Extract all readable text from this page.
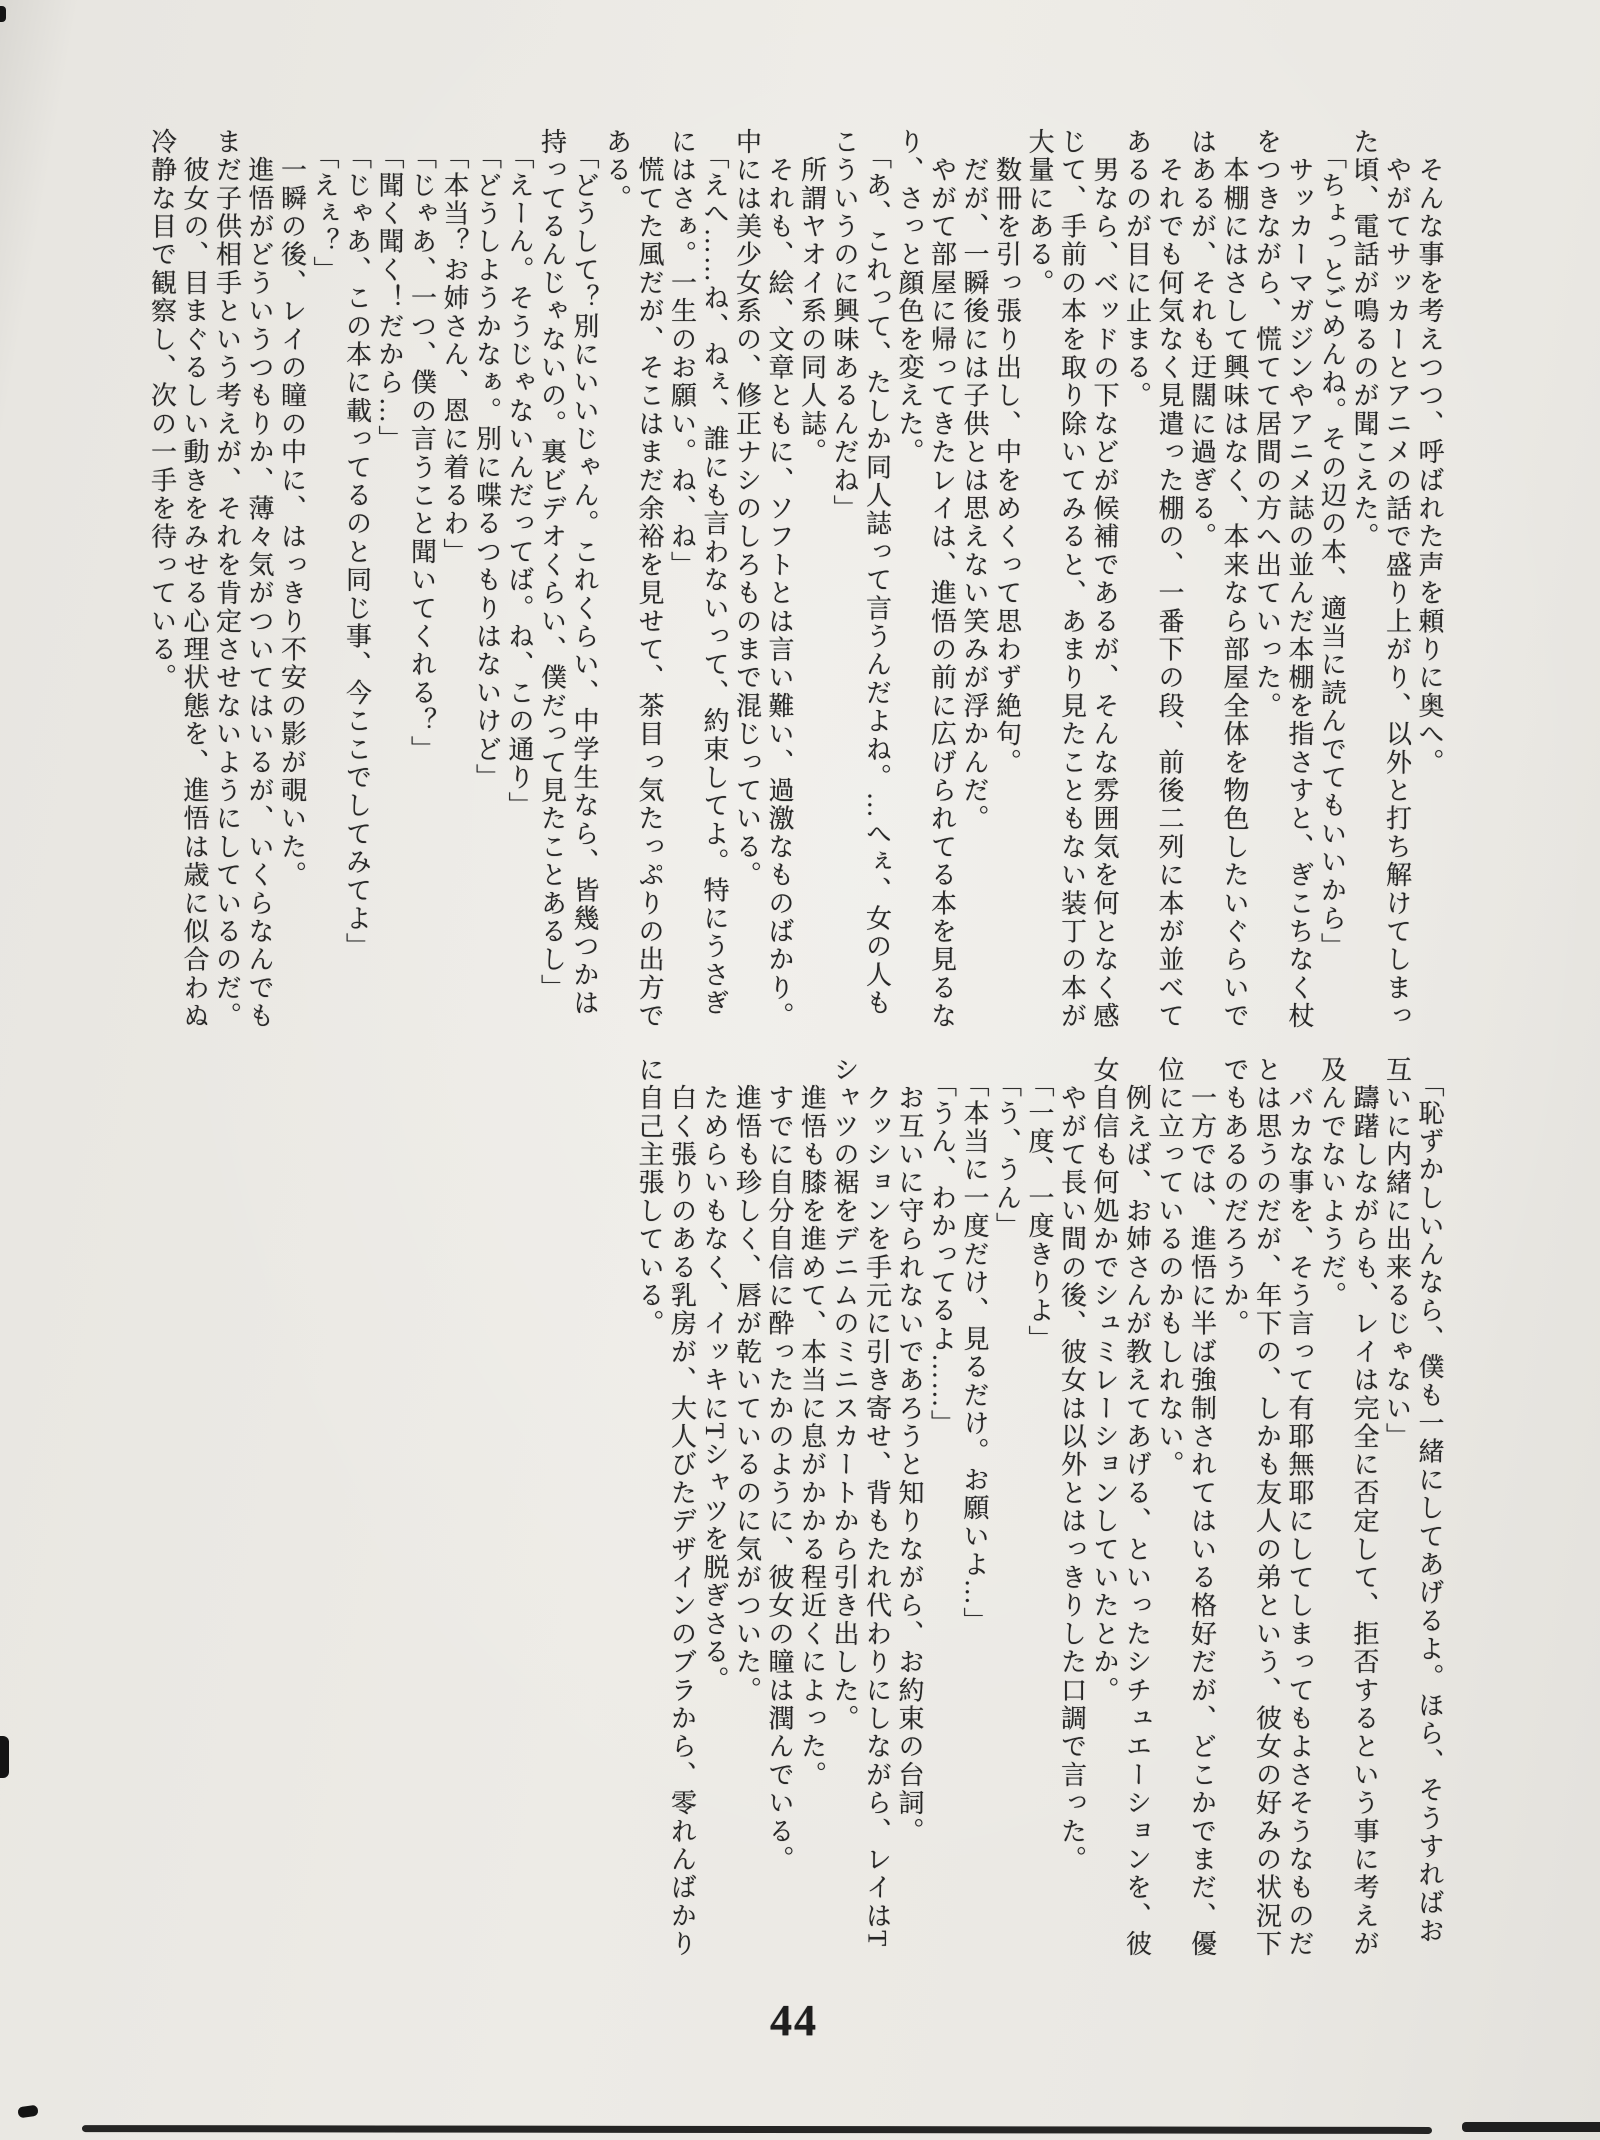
　そんな事を考えつつ、呼ばれた声を頼りに奥へ。
　やがてサッカーとアニメの話で盛り上がり、以外と打ち解けてしまっ
た頃、電話が鳴るのが聞こえた。
　「ちょっとごめんね。その辺の本、適当に読んでてもいいから」
　サッカーマガジンやアニメ誌の並んだ本棚を指さすと、ぎこちなく杖
をつきながら、慌てて居間の方へ出ていった。
　本棚にはさして興味はなく、本来なら部屋全体を物色したいぐらいで
はあるが、それも迂闊に過ぎる。
　それでも何気なく見遣った棚の、一番下の段、前後二列に本が並べて
あるのが目に止まる。
　男なら、ベッドの下などが候補であるが、そんな雰囲気を何となく感
じて、手前の本を取り除いてみると、あまり見たこともない装丁の本が
大量にある。
　数冊を引っ張り出し、中をめくって思わず絶句。
　だが、一瞬後には子供とは思えない笑みが浮かんだ。
　やがて部屋に帰ってきたレイは、進悟の前に広げられてる本を見るな
り、さっと顔色を変えた。
　「あ、これって、たしか同人誌って言うんだよね。…へぇ、女の人も
こういうのに興味あるんだね」
　所謂ヤオイ系の同人誌。
　それも、絵、文章ともに、ソフトとは言い難い、過激なものばかり。
中には美少女系の、修正ナシのしろものまで混じっている。
　「えへ……ね、ねぇ、誰にも言わないって、約束してよ。特にうさぎ
にはさぁ。一生のお願い。ね、ね」
　慌てた風だが、そこはまだ余裕を見せて、茶目っ気たっぷりの出方で
ある。
　「どうして？別にいいじゃん。これくらい、中学生なら、皆幾つかは
持ってるんじゃないの。裏ビデオくらい、僕だって見たことあるし」
　「えーん。そうじゃないんだってば。ね、この通り」
　「どうしようかなぁ。別に喋るつもりはないけど」
　「本当？お姉さん、恩に着るわ」
　「じゃあ、一つ、僕の言うこと聞いてくれる？」
　「聞く聞く！だから…」
　「じゃあ、この本に載ってるのと同じ事、今ここでしてみてよ」
　「えぇ？」
　一瞬の後、レイの瞳の中に、はっきり不安の影が覗いた。
　進悟がどういうつもりか、薄々気がついてはいるが、いくらなんでも
まだ子供相手という考えが、それを肯定させないようにしているのだ。
　彼女の、目まぐるしい動きをみせる心理状態を、進悟は歳に似合わぬ
冷静な目で観察し、次の一手を待っている。
　「恥ずかしいんなら、僕も一緒にしてあげるよ。ほら、そうすればお
互いに内緒に出来るじゃない」
　躊躇しながらも、レイは完全に否定して、拒否するという事に考えが
及んでないようだ。
　バカな事を、そう言って有耶無耶にしてしまってもよさそうなものだ
とは思うのだが、年下の、しかも友人の弟という、彼女の好みの状況下
でもあるのだろうか。
　一方では、進悟に半ば強制されてはいる格好だが、どこかでまだ、優
位に立っているのかもしれない。
　例えば、お姉さんが教えてあげる、といったシチュエーションを、彼
女自信も何処かでシュミレーションしていたとか。
　やがて長い間の後、彼女は以外とはっきりした口調で言った。
　「一度、一度きりよ」
　「う、うん」
　「本当に一度だけ、見るだけ。お願いよ…」
　「うん、わかってるよ……」
　お互いに守られないであろうと知りながら、お約束の台詞。
　クッションを手元に引き寄せ、背もたれ代わりにしながら、レイはT
シャツの裾をデニムのミニスカートから引き出した。
　進悟も膝を進めて、本当に息がかかる程近くによった。
　すでに自分自信に酔ったかのように、彼女の瞳は潤んでいる。
　進悟も珍しく、唇が乾いているのに気がついた。
　ためらいもなく、イッキにTシャツを脱ぎさる。
　白く張りのある乳房が、大人びたデザインのブラから、零れんばかり
に自己主張している。
44
